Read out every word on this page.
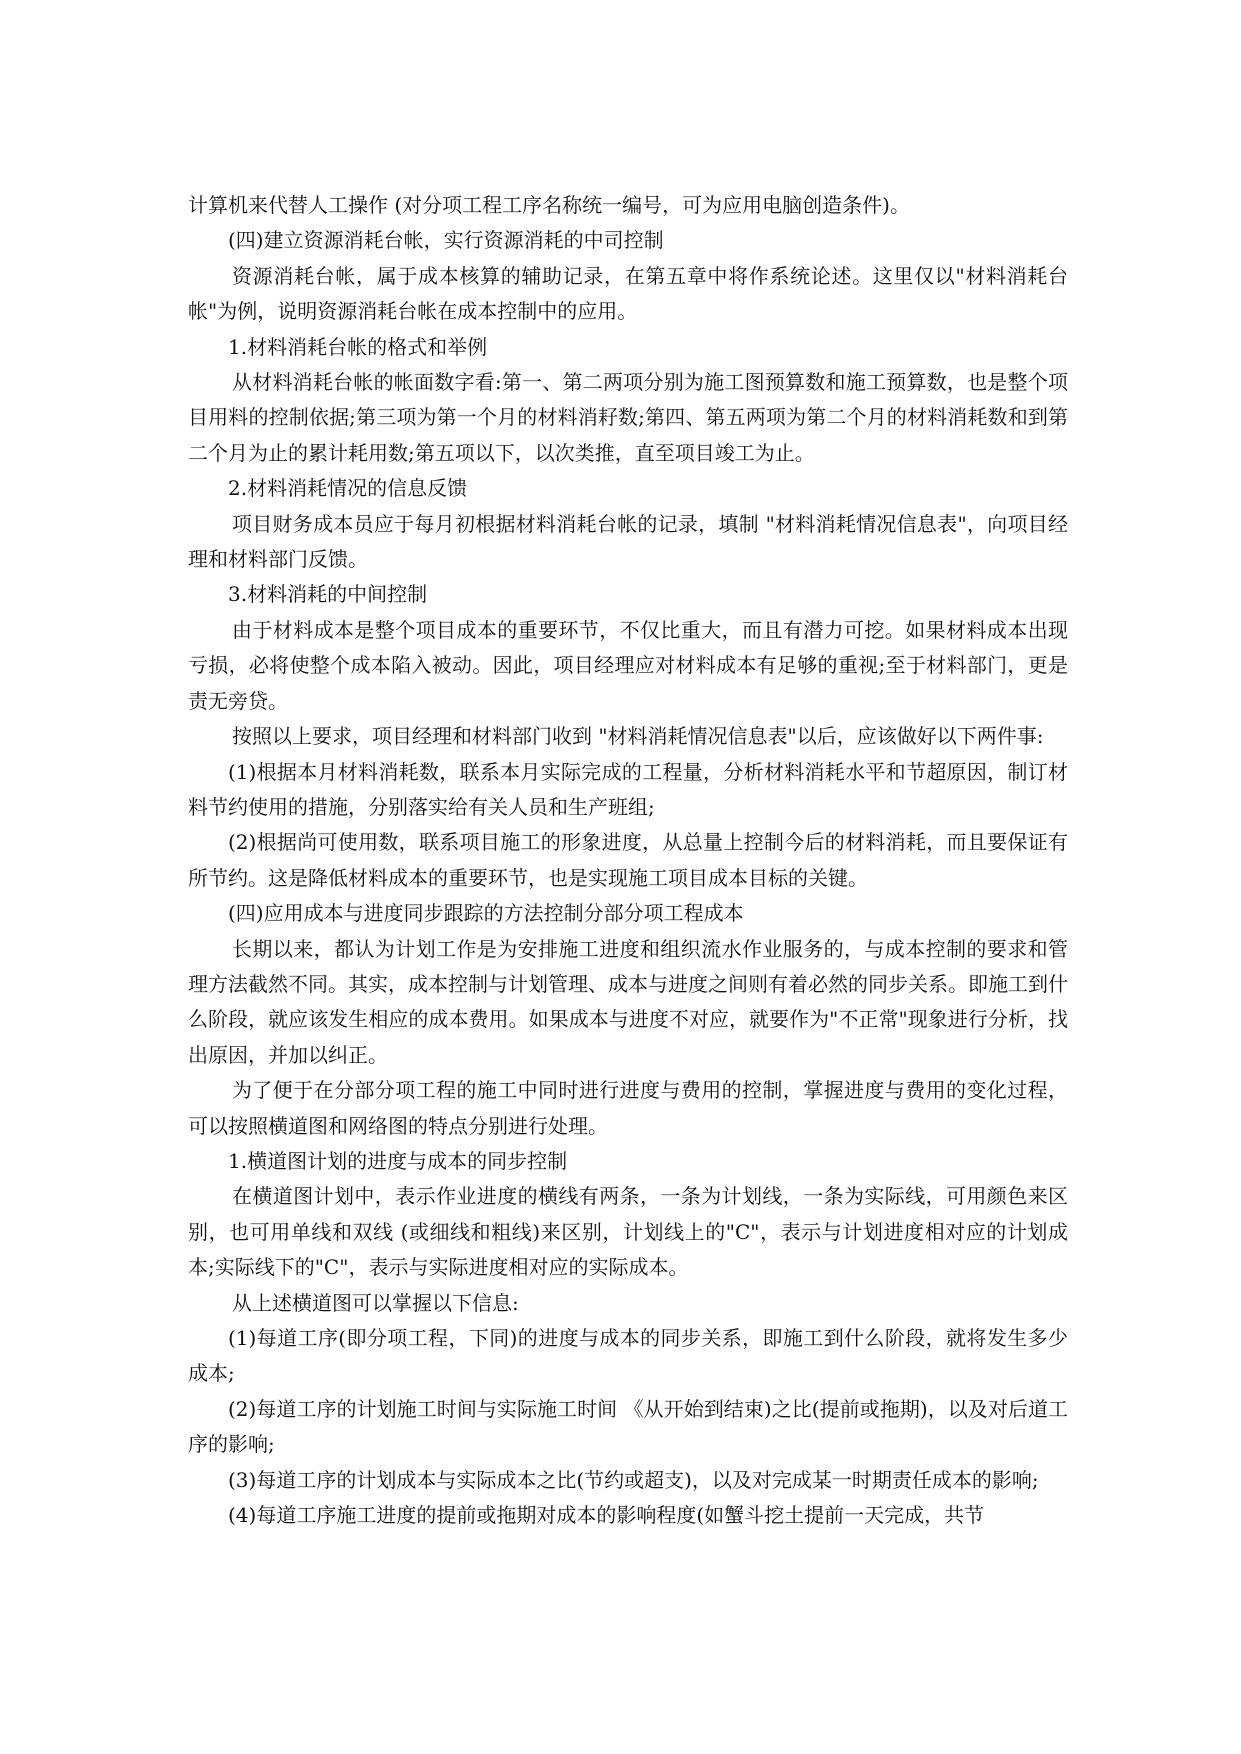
计算机来代替人工操作 (对分项工程工序名称统一编号，可为应用电脑创造条件)。

(四)建立资源消耗台帐，实行资源消耗的中司控制

资源消耗台帐，属于成本核算的辅助记录，在第五章中将作系统论述。这里仅以"材料消耗台帐"为例，说明资源消耗台帐在成本控制中的应用。

1.材料消耗台帐的格式和举例

从材料消耗台帐的帐面数字看:第一、第二两项分别为施工图预算数和施工预算数，也是整个项目用料的控制依据;第三项为第一个月的材料消耔数;第四、第五两项为第二个月的材料消耗数和到第二个月为止的累计耗用数;第五项以下，以次类推，直至项目竣工为止。

2.材料消耗情况的信息反馈

项目财务成本员应于每月初根据材料消耗台帐的记录，填制 "材料消耗情况信息表"，向项目经理和材料部门反馈。

3.材料消耗的中间控制

由于材料成本是整个项目成本的重要环节，不仅比重大，而且有潜力可挖。如果材料成本出现亏损，必将使整个成本陷入被动。因此，项目经理应对材料成本有足够的重视;至于材料部门，更是责无旁贷。

按照以上要求，项目经理和材料部门收到 "材料消耗情况信息表"以后，应该做好以下两件事:

(1)根据本月材料消耗数，联系本月实际完成的工程量，分析材料消耗水平和节超原因，制订材料节约使用的措施，分别落实给有关人员和生产班组;

(2)根据尚可使用数，联系项目施工的形象进度，从总量上控制今后的材料消耗，而且要保证有所节约。这是降低材料成本的重要环节，也是实现施工项目成本目标的关键。

(四)应用成本与进度同步跟踪的方法控制分部分项工程成本

长期以来，都认为计划工作是为安排施工进度和组织流水作业服务的，与成本控制的要求和管理方法截然不同。其实，成本控制与计划管理、成本与进度之间则有着必然的同步关系。即施工到什么阶段，就应该发生相应的成本费用。如果成本与进度不对应，就要作为"不正常"现象进行分析，找出原因，并加以纠正。

为了便于在分部分项工程的施工中同时进行进度与费用的控制，掌握进度与费用的变化过程，可以按照横道图和网络图的特点分别进行处理。

1.横道图计划的进度与成本的同步控制

在横道图计划中，表示作业进度的横线有两条，一条为计划线，一条为实际线，可用颜色来区别，也可用单线和双线 (或细线和粗线)来区别，计划线上的"C"，表示与计划进度相对应的计划成本;实际线下的"C"，表示与实际进度相对应的实际成本。

从上述横道图可以掌握以下信息:

(1)每道工序(即分项工程，下同)的进度与成本的同步关系，即施工到什么阶段，就将发生多少成本;

(2)每道工序的计划施工时间与实际施工时间 《从开始到结束)之比(提前或拖期)，以及对后道工序的影响;

(3)每道工序的计划成本与实际成本之比(节约或超支)，以及对完成某一时期责任成本的影响;

(4)每道工序施工进度的提前或拖期对成本的影响程度(如蟹斗挖土提前一天完成，共节
